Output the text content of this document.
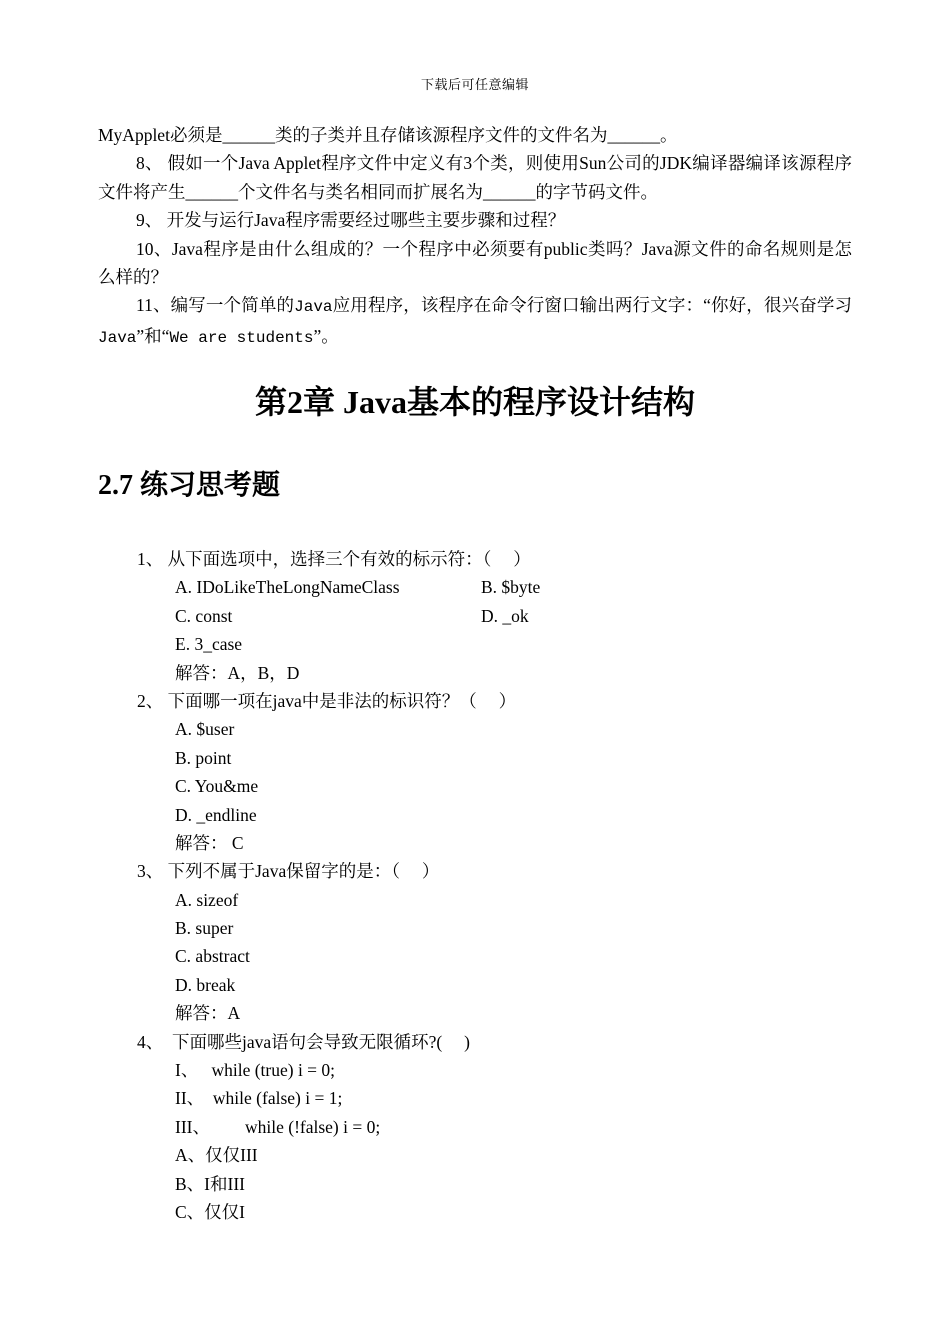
下载后可任意编辑

MyApplet必须是______类的子类并且存储该源程序文件的文件名为______。

8、 假如一个Java Applet程序文件中定义有3个类，则使用Sun公司的JDK编译器编译该源程序文件将产生______个文件名与类名相同而扩展名为______的字节码文件。

9、 开发与运行Java程序需要经过哪些主要步骤和过程？

10、Java程序是由什么组成的？一个程序中必须要有public类吗？Java源文件的命名规则是怎么样的？

11、编写一个简单的Java应用程序，该程序在命令行窗口输出两行文字：“你好，很兴奋学习Java”和“We are students”。

第2章 Java基本的程序设计结构
2.7 练习思考题
1、 从下面选项中，选择三个有效的标示符：（     ）
A. IDoLikeTheLongNameClass	B. $byte
C. const	D. _ok
E. 3_case
解答：A，B，D
2、 下面哪一项在java中是非法的标识符？（     ）
A. $user
B. point
C. You&me
D. _endline
解答： C
3、 下列不属于Java保留字的是：（     ）
A. sizeof
B. super
C. abstract
D. break
解答：A
4、  下面哪些java语句会导致无限循环?(     )
I、   while (true) i = 0;
II、  while (false) i = 1;
III、        while (!false) i = 0;
A、仅仅III
B、I和III
C、仅仅I
